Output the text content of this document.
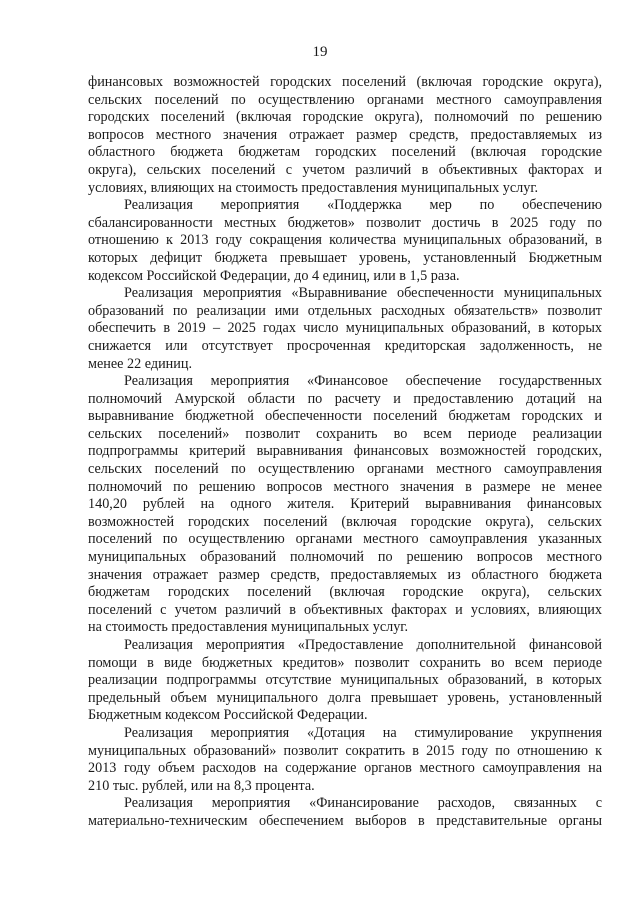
19
финансовых возможностей городских поселений (включая городские округа),
сельских поселений по осуществлению органами местного самоуправления
городских поселений (включая городские округа), полномочий по решению
вопросов местного значения отражает размер средств, предоставляемых из
областного бюджета бюджетам городских поселений (включая городские
округа), сельских поселений с учетом различий в объективных факторах и
условиях, влияющих на стоимость предоставления муниципальных услуг.
Реализация мероприятия «Поддержка мер по обеспечению
сбалансированности местных бюджетов» позволит достичь в 2025 году по
отношению к 2013 году сокращения количества муниципальных образований, в
которых дефицит бюджета превышает уровень, установленный Бюджетным
кодексом Российской Федерации, до 4 единиц, или в 1,5 раза.
Реализация мероприятия «Выравнивание обеспеченности муниципальных
образований по реализации ими отдельных расходных обязательств» позволит
обеспечить в 2019 – 2025 годах число муниципальных образований, в которых
снижается или отсутствует просроченная кредиторская задолженность, не
менее 22 единиц.
Реализация мероприятия «Финансовое обеспечение государственных
полномочий Амурской области по расчету и предоставлению дотаций на
выравнивание бюджетной обеспеченности поселений бюджетам городских и
сельских поселений» позволит сохранить во всем периоде реализации
подпрограммы критерий выравнивания финансовых возможностей городских,
сельских поселений по осуществлению органами местного самоуправления
полномочий по решению вопросов местного значения в размере не менее
140,20 рублей на одного жителя. Критерий выравнивания финансовых
возможностей городских поселений (включая городские округа), сельских
поселений по осуществлению органами местного самоуправления указанных
муниципальных образований полномочий по решению вопросов местного
значения отражает размер средств, предоставляемых из областного бюджета
бюджетам городских поселений (включая городские округа), сельских
поселений с учетом различий в объективных факторах и условиях, влияющих
на стоимость предоставления муниципальных услуг.
Реализация мероприятия «Предоставление дополнительной финансовой
помощи в виде бюджетных кредитов» позволит сохранить во всем периоде
реализации подпрограммы отсутствие муниципальных образований, в которых
предельный объем муниципального долга превышает уровень, установленный
Бюджетным кодексом Российской Федерации.
Реализация мероприятия «Дотация на стимулирование укрупнения
муниципальных образований» позволит сократить в 2015 году по отношению к
2013 году объем расходов на содержание органов местного самоуправления на
210 тыс. рублей, или на 8,3 процента.
Реализация мероприятия «Финансирование расходов, связанных с
материально-техническим обеспечением выборов в представительные органы
